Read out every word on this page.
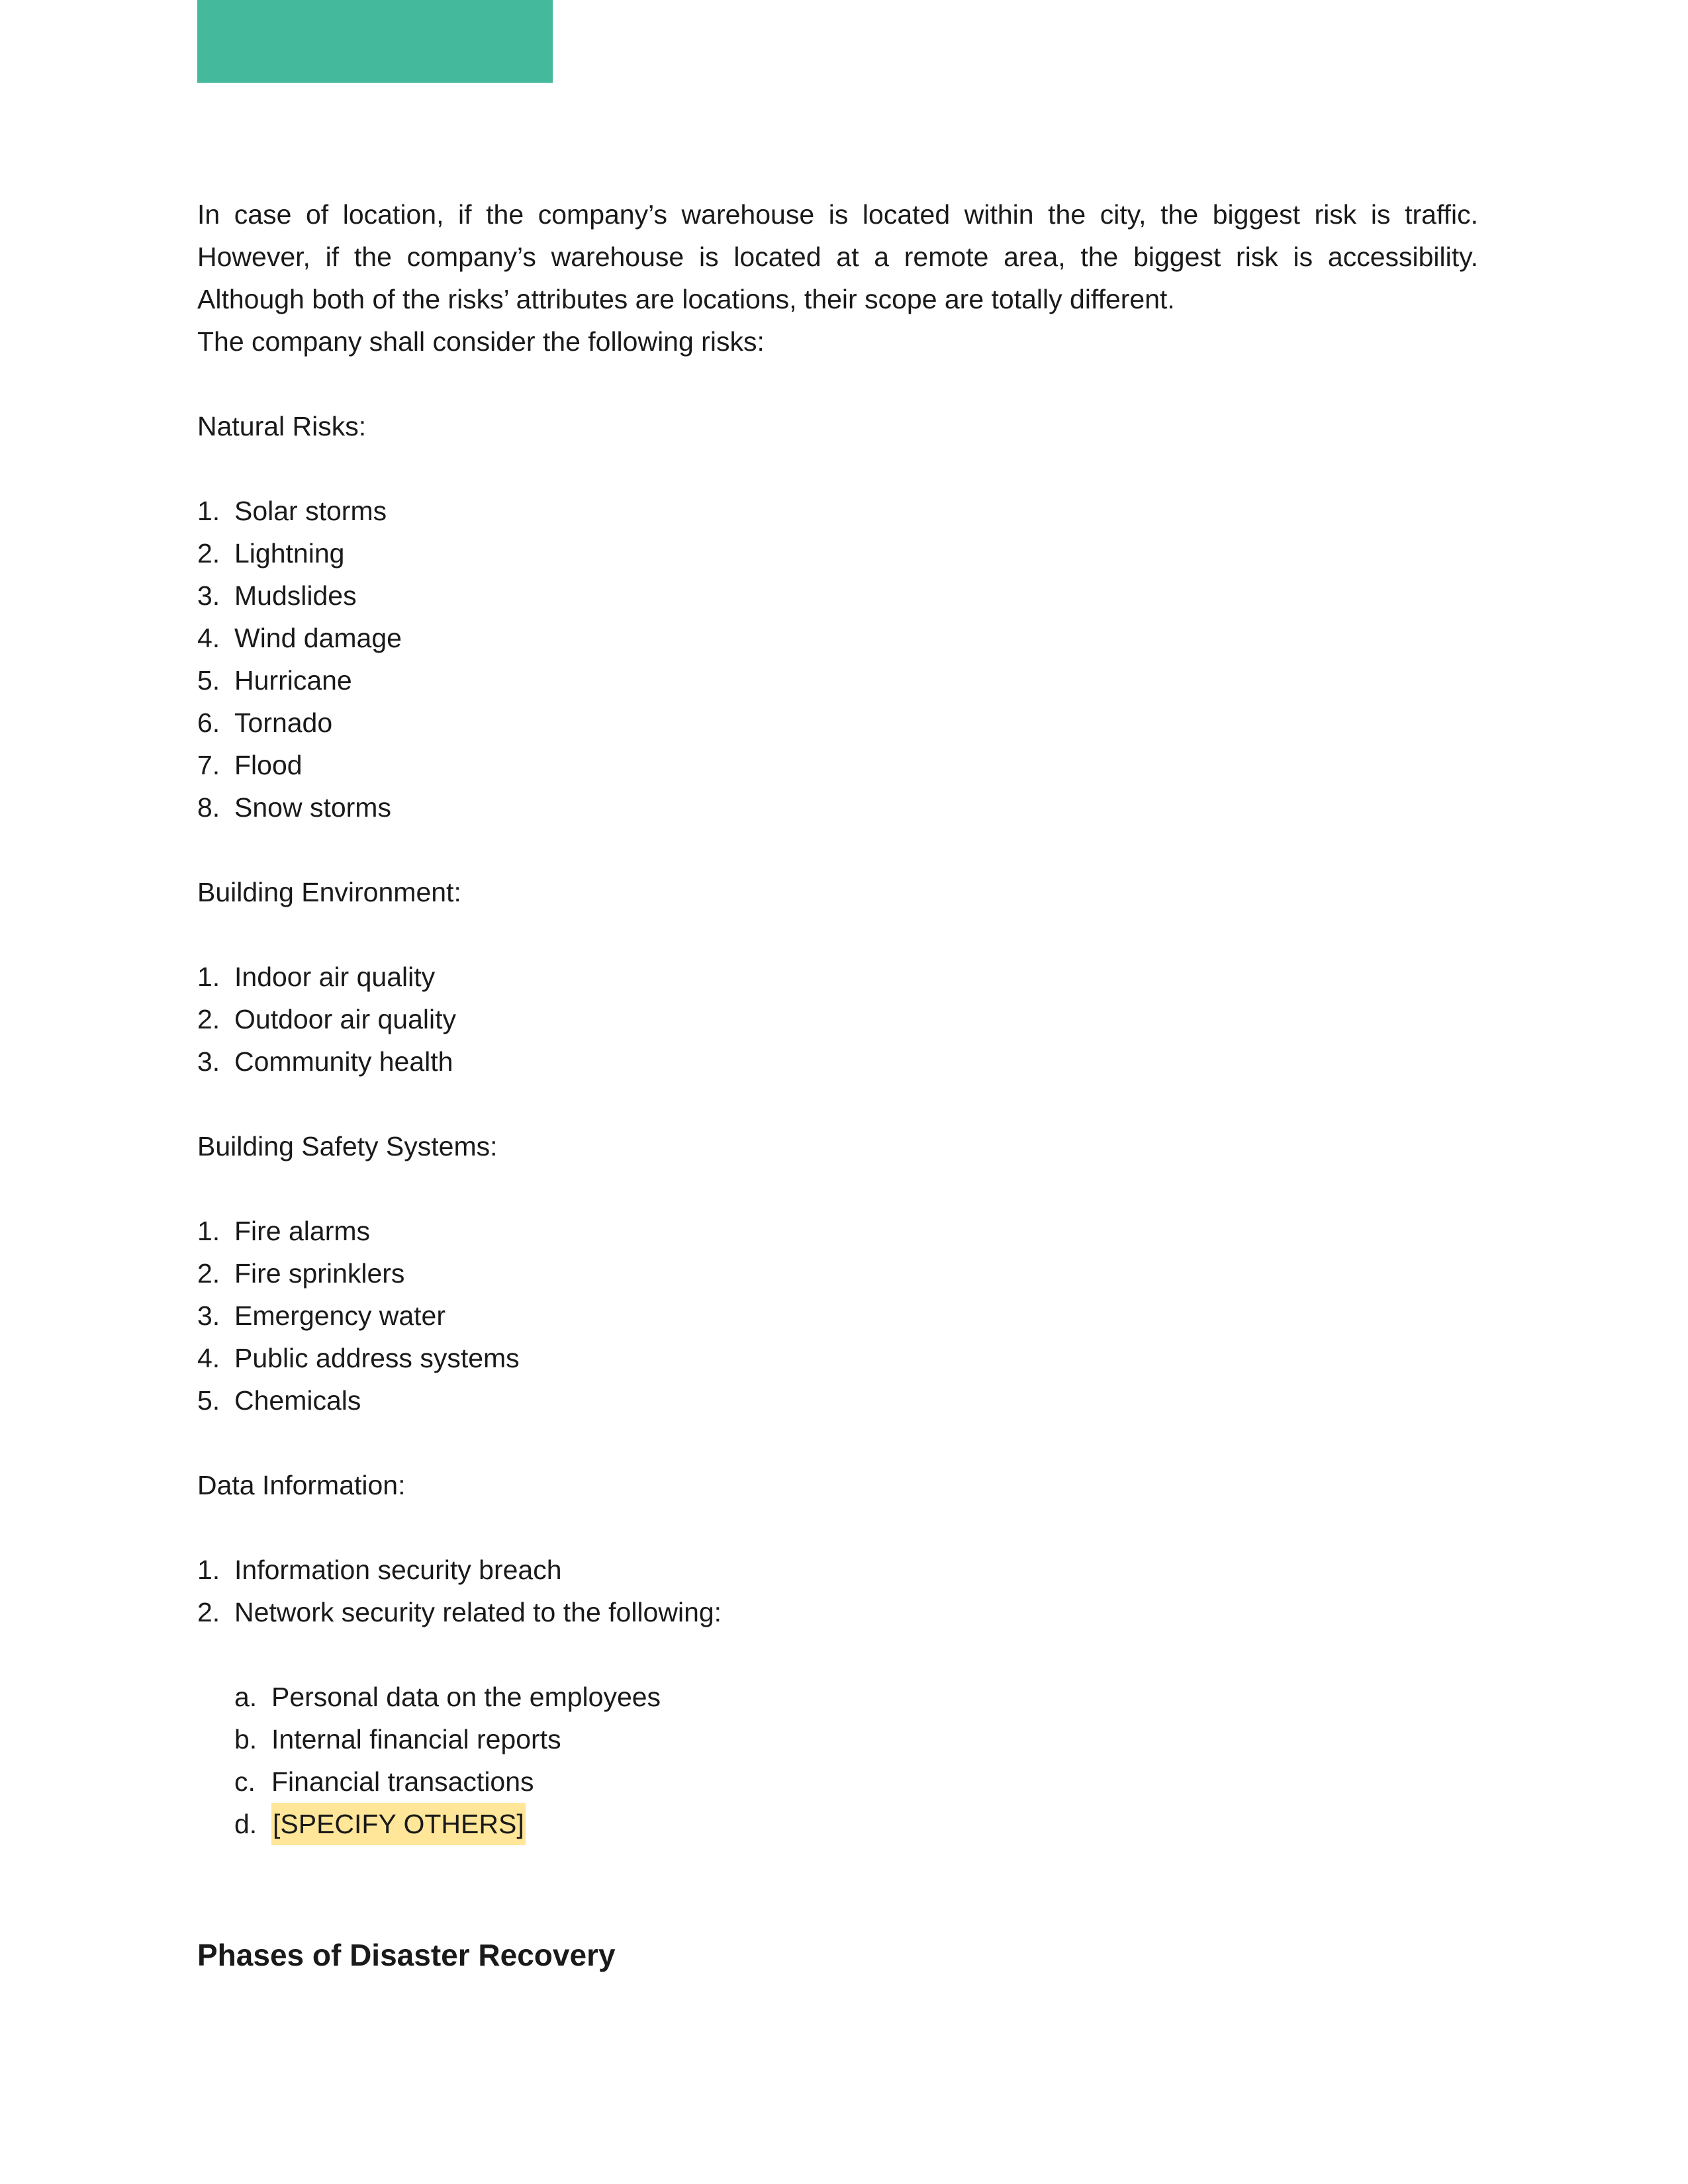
In case of location, if the company’s warehouse is located within the city, the biggest risk is traffic. However, if the company’s warehouse is located at a remote area, the biggest risk is accessibility. Although both of the risks’ attributes are locations, their scope are totally different.

The company shall consider the following risks:

Natural Risks:

1. Solar storms
2. Lightning
3. Mudslides
4. Wind damage
5. Hurricane
6. Tornado
7. Flood
8. Snow storms

Building Environment:

1. Indoor air quality
2. Outdoor air quality
3. Community health

Building Safety Systems:

1. Fire alarms
2. Fire sprinklers
3. Emergency water
4. Public address systems
5. Chemicals

Data Information:

1. Information security breach
2. Network security related to the following:
a. Personal data on the employees
b. Internal financial reports
c. Financial transactions
d. [SPECIFY OTHERS]
Phases of Disaster Recovery
